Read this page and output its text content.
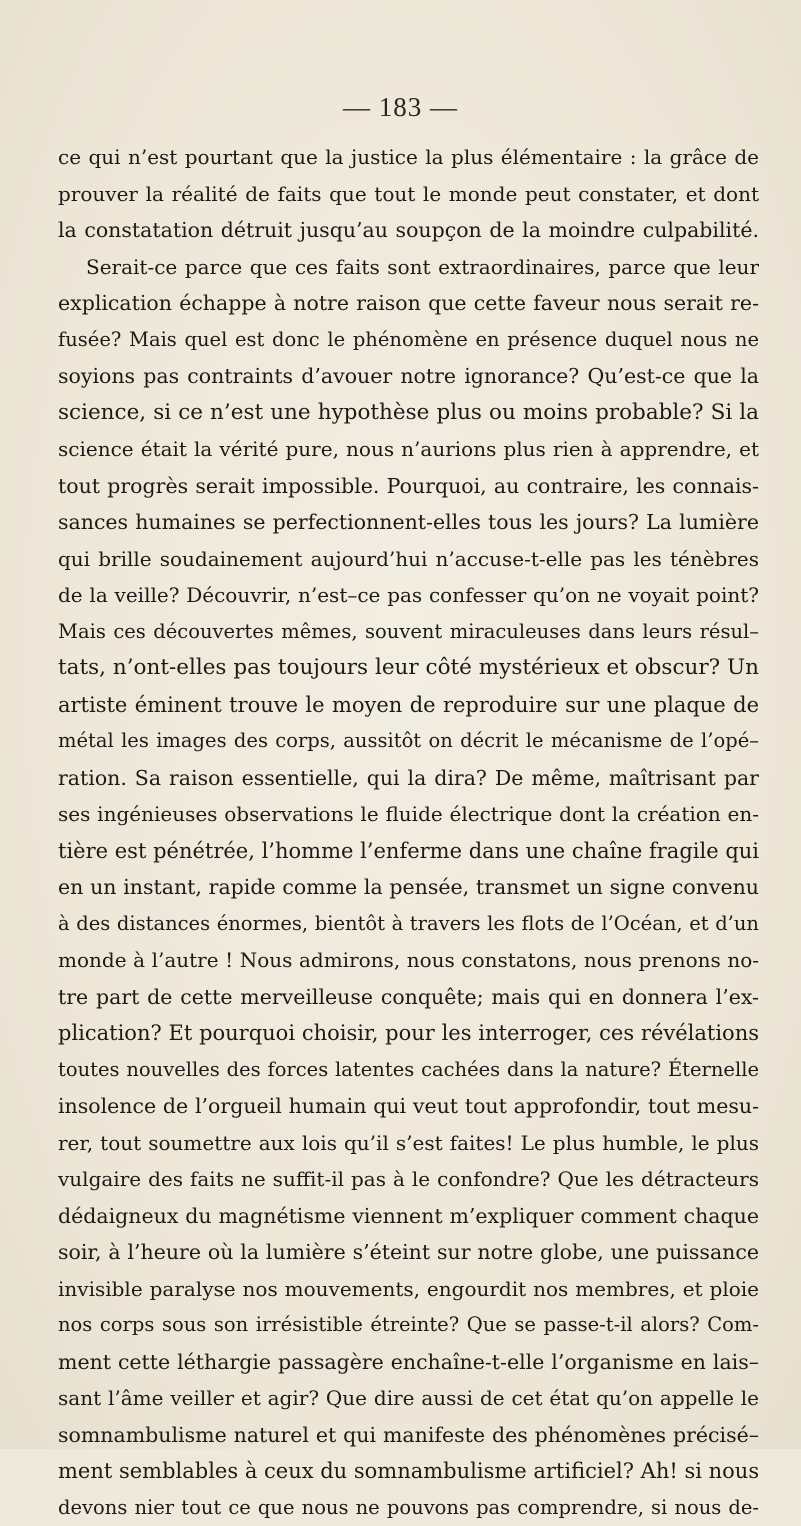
— 183 —
ce qui n’est pourtant que la justice la plus élémentaire : la grâce de
prouver la réalité de faits que tout le monde peut constater, et dont
la constatation détruit jusqu’au soupçon de la moindre culpabilité.
Serait-ce parce que ces faits sont extraordinaires, parce que leur
explication échappe à notre raison que cette faveur nous serait re-
fusée? Mais quel est donc le phénomène en présence duquel nous ne
soyions pas contraints d’avouer notre ignorance? Qu’est-ce que la
science, si ce n’est une hypothèse plus ou moins probable? Si la
science était la vérité pure, nous n’aurions plus rien à apprendre, et
tout progrès serait impossible. Pourquoi, au contraire, les connais-
sances humaines se perfectionnent-elles tous les jours? La lumière
qui brille soudainement aujourd’hui n’accuse-t-elle pas les ténèbres
de la veille? Découvrir, n’est–ce pas confesser qu’on ne voyait point?
Mais ces découvertes mêmes, souvent miraculeuses dans leurs résul–
tats, n’ont-elles pas toujours leur côté mystérieux et obscur? Un
artiste éminent trouve le moyen de reproduire sur une plaque de
métal les images des corps, aussitôt on décrit le mécanisme de l’opé–
ration. Sa raison essentielle, qui la dira? De même, maîtrisant par
ses ingénieuses observations le fluide électrique dont la création en-
tière est pénétrée, l’homme l’enferme dans une chaîne fragile qui
en un instant, rapide comme la pensée, transmet un signe convenu
à des distances énormes, bientôt à travers les flots de l’Océan, et d’un
monde à l’autre ! Nous admirons, nous constatons, nous prenons no-
tre part de cette merveilleuse conquête; mais qui en donnera l’ex-
plication? Et pourquoi choisir, pour les interroger, ces révélations
toutes nouvelles des forces latentes cachées dans la nature? Éternelle
insolence de l’orgueil humain qui veut tout approfondir, tout mesu-
rer, tout soumettre aux lois qu’il s’est faites! Le plus humble, le plus
vulgaire des faits ne suffit-il pas à le confondre? Que les détracteurs
dédaigneux du magnétisme viennent m’expliquer comment chaque
soir, à l’heure où la lumière s’éteint sur notre globe, une puissance
invisible paralyse nos mouvements, engourdit nos membres, et ploie
nos corps sous son irrésistible étreinte? Que se passe-t-il alors? Com-
ment cette léthargie passagère enchaîne-t-elle l’organisme en lais–
sant l’âme veiller et agir? Que dire aussi de cet état qu’on appelle le
somnambulisme naturel et qui manifeste des phénomènes précisé–
ment semblables à ceux du somnambulisme artificiel? Ah! si nous
devons nier tout ce que nous ne pouvons pas comprendre, si nous de-
